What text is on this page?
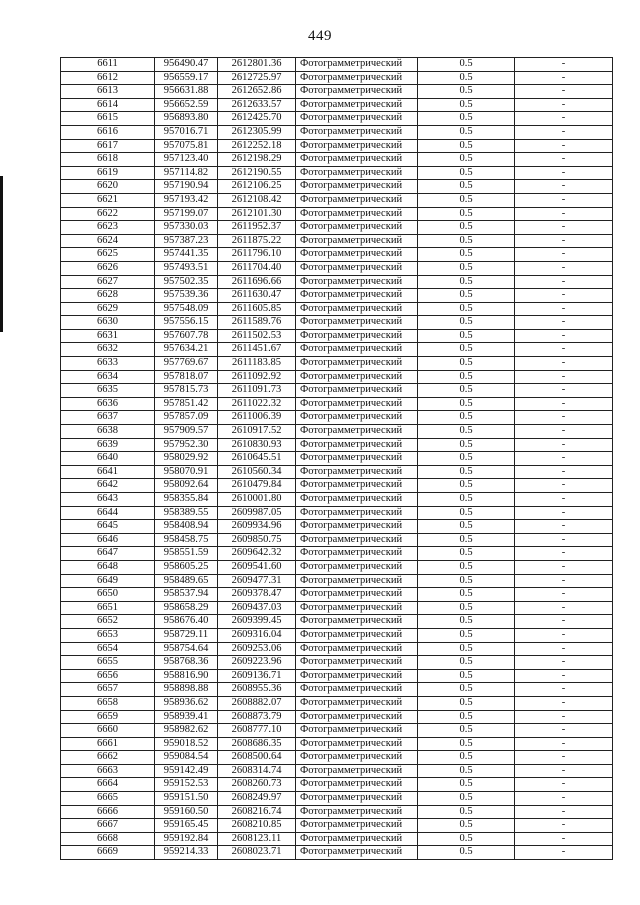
449
6611	956490.47	2612801.36	Фотограмметрический	0.5	-
6612	956559.17	2612725.97	Фотограмметрический	0.5	-
6613	956631.88	2612652.86	Фотограмметрический	0.5	-
6614	956652.59	2612633.57	Фотограмметрический	0.5	-
6615	956893.80	2612425.70	Фотограмметрический	0.5	-
6616	957016.71	2612305.99	Фотограмметрический	0.5	-
6617	957075.81	2612252.18	Фотограмметрический	0.5	-
6618	957123.40	2612198.29	Фотограмметрический	0.5	-
6619	957114.82	2612190.55	Фотограмметрический	0.5	-
6620	957190.94	2612106.25	Фотограмметрический	0.5	-
6621	957193.42	2612108.42	Фотограмметрический	0.5	-
6622	957199.07	2612101.30	Фотограмметрический	0.5	-
6623	957330.03	2611952.37	Фотограмметрический	0.5	-
6624	957387.23	2611875.22	Фотограмметрический	0.5	-
6625	957441.35	2611796.10	Фотограмметрический	0.5	-
6626	957493.51	2611704.40	Фотограмметрический	0.5	-
6627	957502.35	2611696.66	Фотограмметрический	0.5	-
6628	957539.36	2611630.47	Фотограмметрический	0.5	-
6629	957548.09	2611605.85	Фотограмметрический	0.5	-
6630	957556.15	2611589.76	Фотограмметрический	0.5	-
6631	957607.78	2611502.53	Фотограмметрический	0.5	-
6632	957634.21	2611451.67	Фотограмметрический	0.5	-
6633	957769.67	2611183.85	Фотограмметрический	0.5	-
6634	957818.07	2611092.92	Фотограмметрический	0.5	-
6635	957815.73	2611091.73	Фотограмметрический	0.5	-
6636	957851.42	2611022.32	Фотограмметрический	0.5	-
6637	957857.09	2611006.39	Фотограмметрический	0.5	-
6638	957909.57	2610917.52	Фотограмметрический	0.5	-
6639	957952.30	2610830.93	Фотограмметрический	0.5	-
6640	958029.92	2610645.51	Фотограмметрический	0.5	-
6641	958070.91	2610560.34	Фотограмметрический	0.5	-
6642	958092.64	2610479.84	Фотограмметрический	0.5	-
6643	958355.84	2610001.80	Фотограмметрический	0.5	-
6644	958389.55	2609987.05	Фотограмметрический	0.5	-
6645	958408.94	2609934.96	Фотограмметрический	0.5	-
6646	958458.75	2609850.75	Фотограмметрический	0.5	-
6647	958551.59	2609642.32	Фотограмметрический	0.5	-
6648	958605.25	2609541.60	Фотограмметрический	0.5	-
6649	958489.65	2609477.31	Фотограмметрический	0.5	-
6650	958537.94	2609378.47	Фотограмметрический	0.5	-
6651	958658.29	2609437.03	Фотограмметрический	0.5	-
6652	958676.40	2609399.45	Фотограмметрический	0.5	-
6653	958729.11	2609316.04	Фотограмметрический	0.5	-
6654	958754.64	2609253.06	Фотограмметрический	0.5	-
6655	958768.36	2609223.96	Фотограмметрический	0.5	-
6656	958816.90	2609136.71	Фотограмметрический	0.5	-
6657	958898.88	2608955.36	Фотограмметрический	0.5	-
6658	958936.62	2608882.07	Фотограмметрический	0.5	-
6659	958939.41	2608873.79	Фотограмметрический	0.5	-
6660	958982.62	2608777.10	Фотограмметрический	0.5	-
6661	959018.52	2608686.35	Фотограмметрический	0.5	-
6662	959084.54	2608500.64	Фотограмметрический	0.5	-
6663	959142.49	2608314.74	Фотограмметрический	0.5	-
6664	959152.53	2608260.73	Фотограмметрический	0.5	-
6665	959151.50	2608249.97	Фотограмметрический	0.5	-
6666	959160.50	2608216.74	Фотограмметрический	0.5	-
6667	959165.45	2608210.85	Фотограмметрический	0.5	-
6668	959192.84	2608123.11	Фотограмметрический	0.5	-
6669	959214.33	2608023.71	Фотограмметрический	0.5	-
